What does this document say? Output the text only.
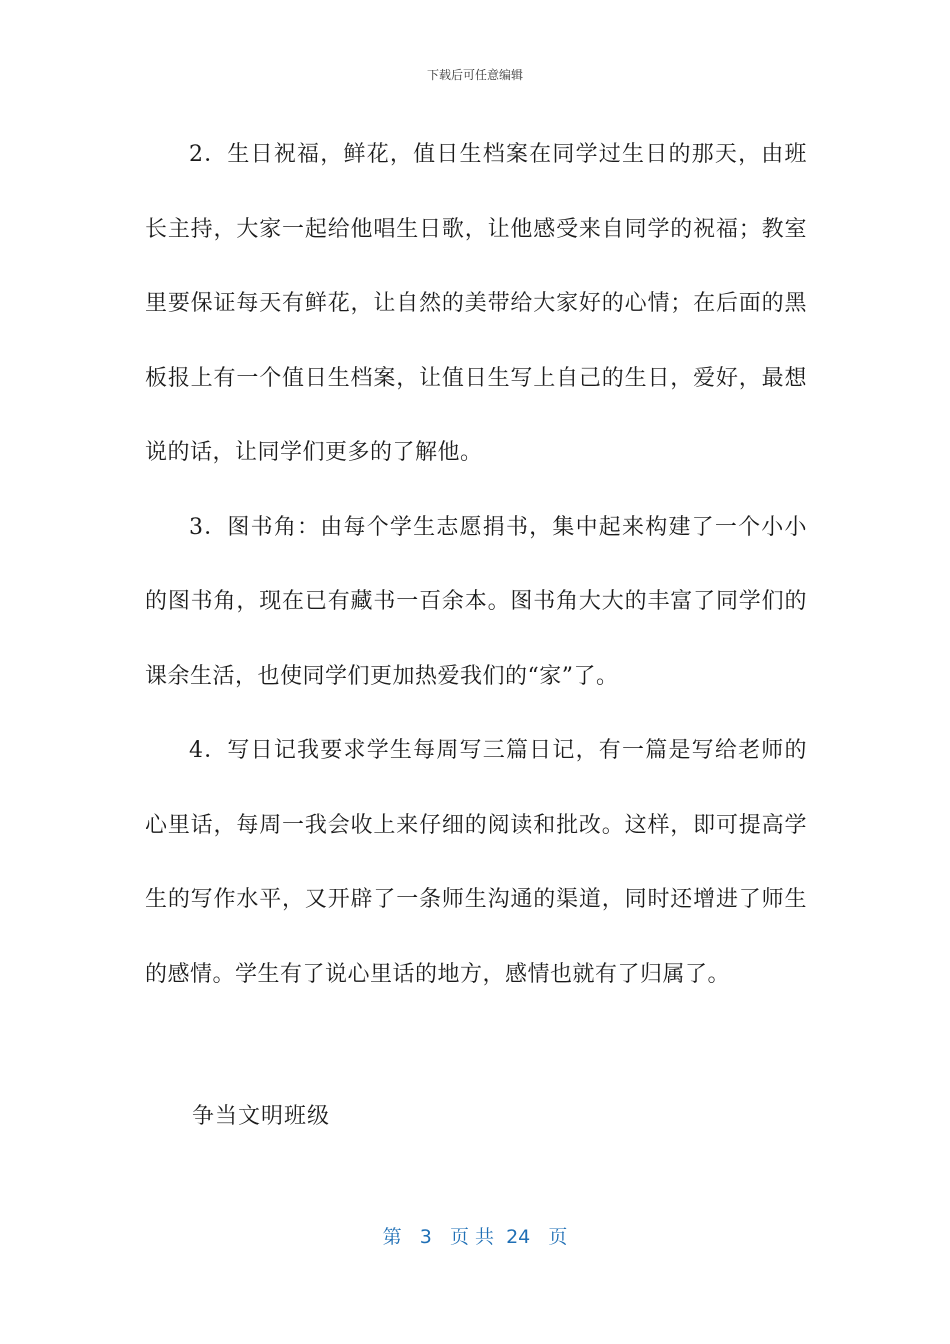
下载后可任意编辑

2．生日祝福，鲜花，值日生档案在同学过生日的那天，由班长主持，大家一起给他唱生日歌，让他感受来自同学的祝福；教室里要保证每天有鲜花，让自然的美带给大家好的心情；在后面的黑板报上有一个值日生档案，让值日生写上自己的生日，爱好，最想说的话，让同学们更多的了解他。

3．图书角：由每个学生志愿捐书，集中起来构建了一个小小的图书角，现在已有藏书一百余本。图书角大大的丰富了同学们的课余生活，也使同学们更加热爱我们的“家”了。

4．写日记我要求学生每周写三篇日记，有一篇是写给老师的心里话，每周一我会收上来仔细的阅读和批改。这样，即可提高学生的写作水平，又开辟了一条师生沟通的渠道，同时还增进了师生的感情。学生有了说心里话的地方，感情也就有了归属了。

争当文明班级

第 3 页 共 24 页
